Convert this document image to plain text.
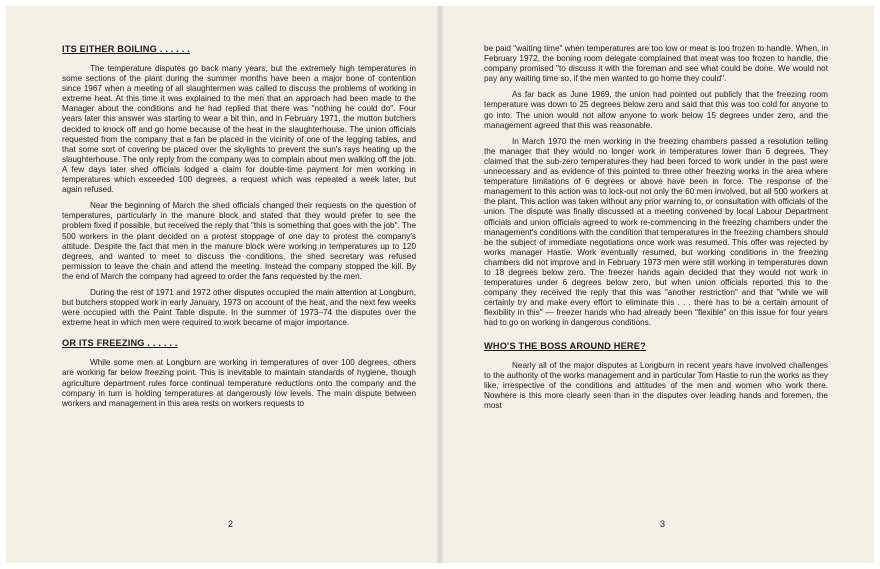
ITS EITHER BOILING . . . . . .

The temperature disputes go back many years, but the extremely high temperatures in some sections of the plant during the summer months have been a major bone of contention since 1967 when a meeting of all slaughtermen was called to discuss the problems of working in extreme heat. At this time it was explained to the men that an approach had been made to the Manager about the conditions and he had replied that there was "nothing he could do". Four years later this answer was starting to wear a bit thin, and in February 1971, the mutton butchers decided to knock off and go home because of the heat in the slaughterhouse. The union officials requested from the company that a fan be placed in the vicinity of one of the legging tables, and that some sort of covering be placed over the skylights to prevent the sun's rays heating up the slaughterhouse. The only reply from the company was to complain about men walking off the job. A few days later shed officials lodged a claim for double-time payment for men working in temperatures which exceeded 100 degrees, a request which was repeated a week later, but again refused.

Near the beginning of March the shed officials changed their requests on the question of temperatures, particularly in the manure block and stated that they would prefer to see the problem fixed if possible, but received the reply that "this is something that goes with the job". The 500 workers in the plant decided on a protest stoppage of one day to protest the company's attitude. Despite the fact that men in the manure block were working in temperatures up to 120 degrees, and wanted to meet to discuss the conditions, the shed secretary was refused permission to leave the chain and attend the meeting. Instead the company stopped the kill. By the end of March the company had agreed to order the fans requested by the men.

During the rest of 1971 and 1972 other disputes occupied the main attention at Longburn, but butchers stopped work in early January, 1973 on account of the heat, and the next few weeks were occupied with the Paint Table dispute. In the summer of 1973–74 the disputes over the extreme heat in which men were required to work became of major importance.

OR ITS FREEZING . . . . . .

While some men at Longburn are working in temperatures of over 100 degrees, others are working far below freezing point. This is inevitable to maintain standards of hygiene, though agriculture department rules force continual temperature reductions onto the company and the company in turn is holding temperatures at dangerously low levels. The main dispute between workers and management in this area rests on workers requests to

be paid "waiting time" when temperatures are too low or meat is too frozen to handle. When, in February 1972, the boning room delegate complained that meat was too frozen to handle, the company promised "to discuss it with the foreman and see what could be done. We would not pay any waiting time so, if the men wanted to go home they could".

As far back as June 1969, the union had pointed out publicly that the freezing room temperature was down to 25 degrees below zero and said that this was too cold for anyone to go into. The union would not allow anyone to work below 15 degrees under zero, and the management agreed that this was reasonable.

In March 1970 the men working in the freezing chambers passed a resolution telling the manager that they would no longer work in temperatures lower than 6 degrees. They claimed that the sub-zero temperatures they had been forced to work under in the past were unnecessary and as evidence of this pointed to three other freezing works in the area where temperature limitations of 6 degrees or above have been in force. The response of the management to this action was to lock-out not only the 60 men involved, but all 500 workers at the plant. This action was taken without any prior warning to, or consultation with officials of the union. The dispute was finally discussed at a meeting convened by local Labour Department officials and union officials agreed to work re-commencing in the freezing chambers under the management's conditions with the condition that temperatures in the freezing chambers should be the subject of immediate negotiations once work was resumed. This offer was rejected by works manager Hastie. Work eventually resumed, but working conditions in the freezing chambers did not improve and in February 1973 men were still working in temperatures down to 18 degrees below zero. The freezer hands again decided that they would not work in temperatures under 6 degrees below zero, but when union officials reported this to the company they received the reply that this was "another restriction" and that "while we will certainly try and make every effort to eliminate this . . . there has to be a certain amount of flexibility in this" — freezer hands who had already been "flexible" on this issue for four years had to go on working in dangerous conditions.

WHO'S THE BOSS AROUND HERE?

Nearly all of the major disputes at Longburn in recent years have involved challenges to the authority of the works management and in particular Tom Hastie to run the works as they like, irrespective of the conditions and attitudes of the men and women who work there. Nowhere is this more clearly seen than in the disputes over leading hands and foremen, the most

2	3
